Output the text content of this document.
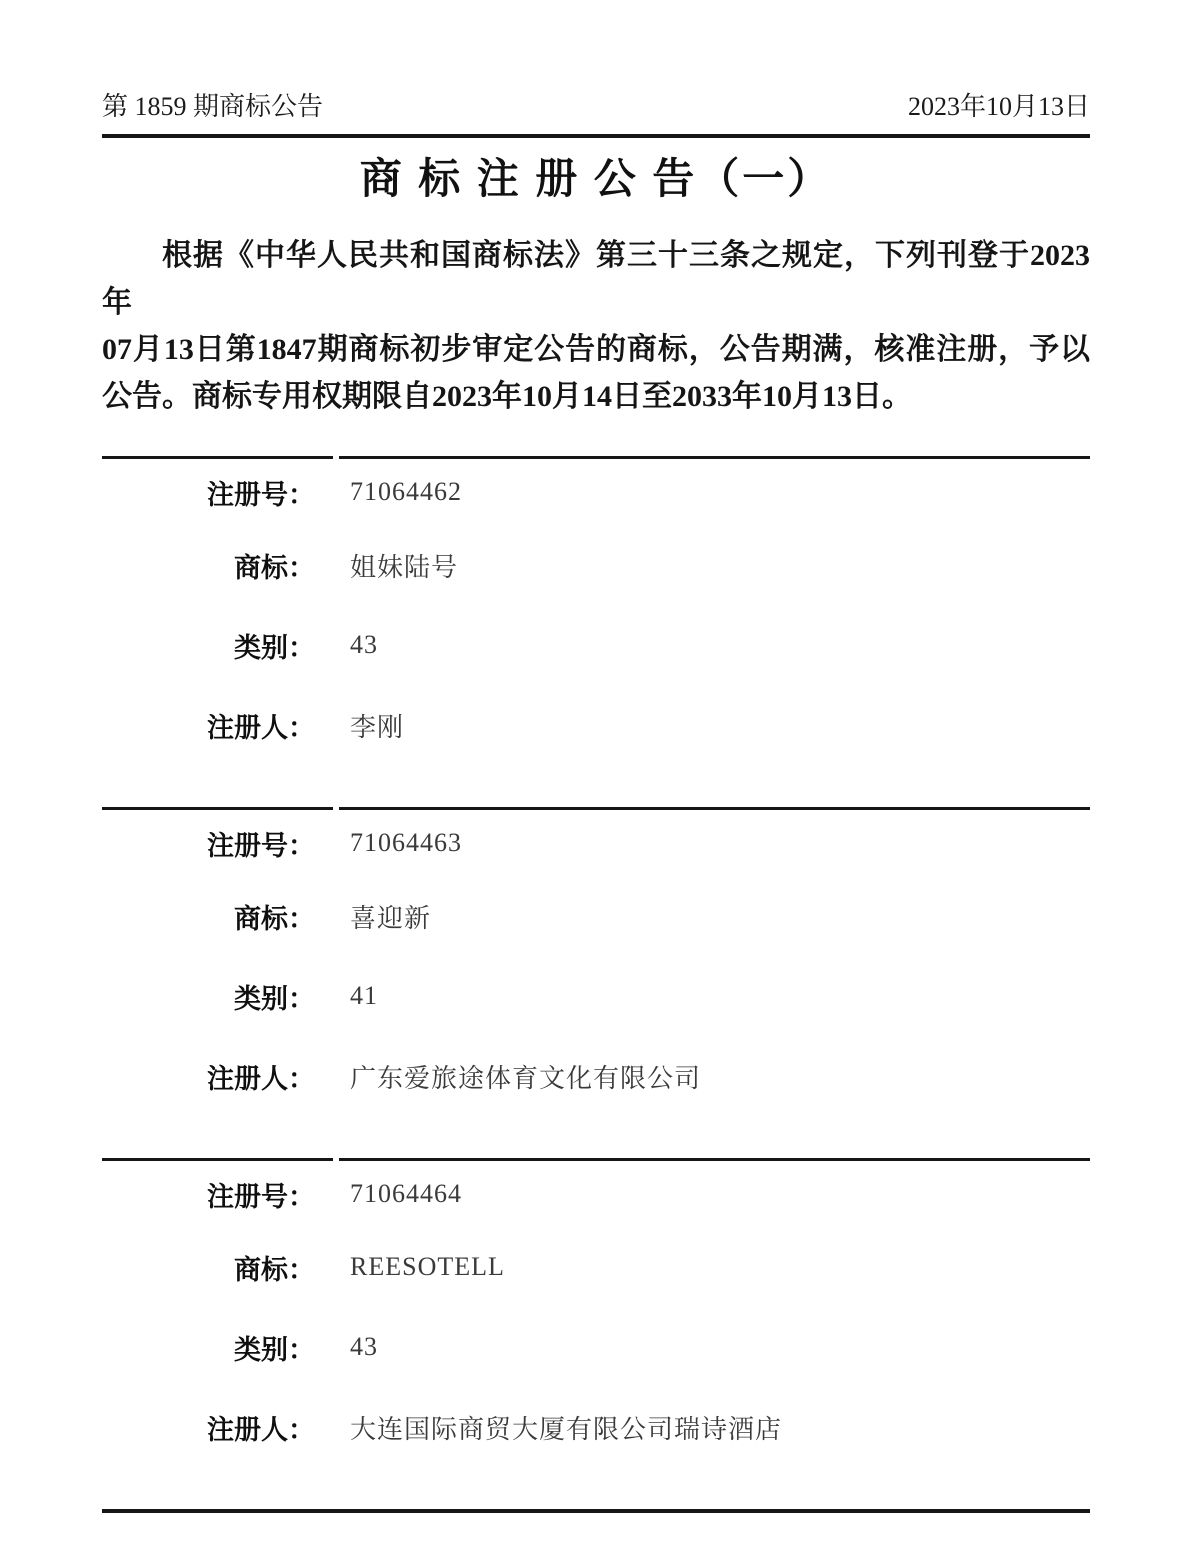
第 1859 期商标公告	2023年10月13日
商 标 注 册 公 告（一）
根据《中华人民共和国商标法》第三十三条之规定，下列刊登于2023年
07月13日第1847期商标初步审定公告的商标，公告期满，核准注册，予以
公告。商标专用权期限自2023年10月14日至2033年10月13日。
注册号：	71064462
商标：	姐妹陆号
类别：	43
注册人：	李刚
注册号：	71064463
商标：	喜迎新
类别：	41
注册人：	广东爱旅途体育文化有限公司
注册号：	71064464
商标：	REESOTELL
类别：	43
注册人：	大连国际商贸大厦有限公司瑞诗酒店
